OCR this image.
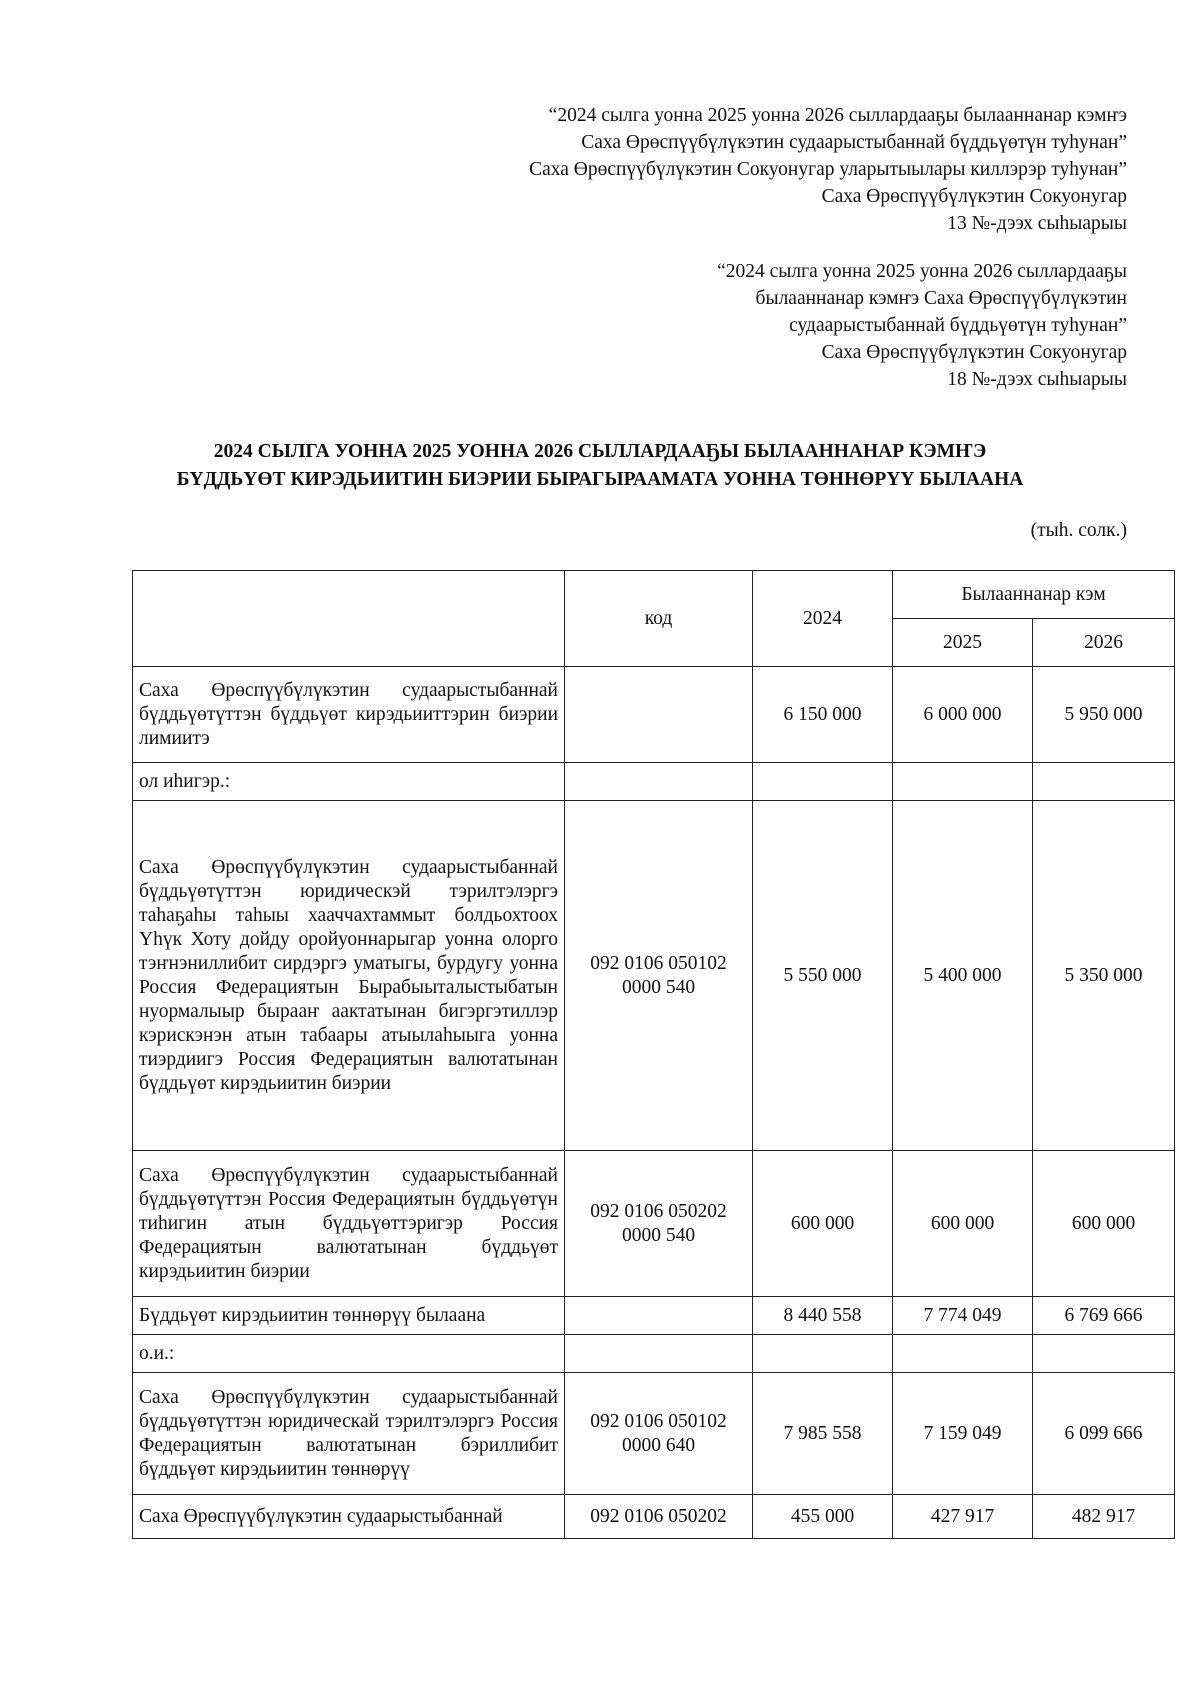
“2024 сылга уонна 2025 уонна 2026 сыллардааҕы былааннанар кэмҥэ
Саха Өрөспүүбүлүкэтин судаарыстыбаннай бүддьүөтүн туһунан”
Саха Өрөспүүбүлүкэтин Сокуонугар уларытыылары киллэрэр туһунан”
Саха Өрөспүүбүлүкэтин Сокуонугар
13 №-дээх сыһыарыы
“2024 сылга уонна 2025 уонна 2026 сыллардааҕы
былааннанар кэмҥэ Саха Өрөспүүбүлүкэтин
судаарыстыбаннай бүддьүөтүн туһунан”
Саха Өрөспүүбүлүкэтин Сокуонугар
18 №-дээх сыһыарыы
2024 СЫЛГА УОННА 2025 УОННА 2026 СЫЛЛАРДААҔЫ БЫЛААННАНАР КЭМҤЭ
БҮДДЬҮӨТ КИРЭДЬИИТИН БИЭРИИ БЫРАГЫРААМАТА УОННА ТӨННӨРҮҮ БЫЛААНА
(тыһ. солк.)
	код	2024	Былааннанар кэм	
			2025	2026
Саха Өрөспүүбүлүкэтин судаарыстыбаннай бүддьүөтүттэн бүддьүөт кирэдьииттэрин биэрии лимиитэ		6 150 000	6 000 000	5 950 000
ол иһигэр.:				
Саха Өрөспүүбүлүкэтин судаарыстыбаннай бүддьүөтүттэн юридическэй тэрилтэлэргэ таһаҕаһы таһыы хааччахтаммыт болдьохтоох Үһүк Хоту дойду оройуоннарыгар уонна олорго тэҥнэниллибит сирдэргэ уматыгы, бурдугу уонна Россия Федерациятын Бырабыыталыстыбатын нуормалыыр бырааҥ аактатынан бигэргэтиллэр кэрискэнэн атын табаары атыылаһыыга уонна тиэрдиигэ Россия Федерациятын валютатынан бүддьүөт кирэдьиитин биэрии	092 0106 050102 0000 540	5 550 000	5 400 000	5 350 000
Саха Өрөспүүбүлүкэтин судаарыстыбаннай бүддьүөтүттэн Россия Федерациятын бүддьүөтүн тиһигин атын бүддьүөттэригэр Россия Федерациятын валютатынан бүддьүөт кирэдьиитин биэрии	092 0106 050202 0000 540	600 000	600 000	600 000
Бүддьүөт кирэдьиитин төннөрүү былаана		8 440 558	7 774 049	6 769 666
о.и.:				
Саха Өрөспүүбүлүкэтин судаарыстыбаннай бүддьүөтүттэн юридическай тэрилтэлэргэ Россия Федерациятын валютатынан бэриллибит бүддьүөт кирэдьиитин төннөрүү	092 0106 050102 0000 640	7 985 558	7 159 049	6 099 666
Саха Өрөспүүбүлүкэтин судаарыстыбаннай	092 0106 050202	455 000	427 917	482 917
